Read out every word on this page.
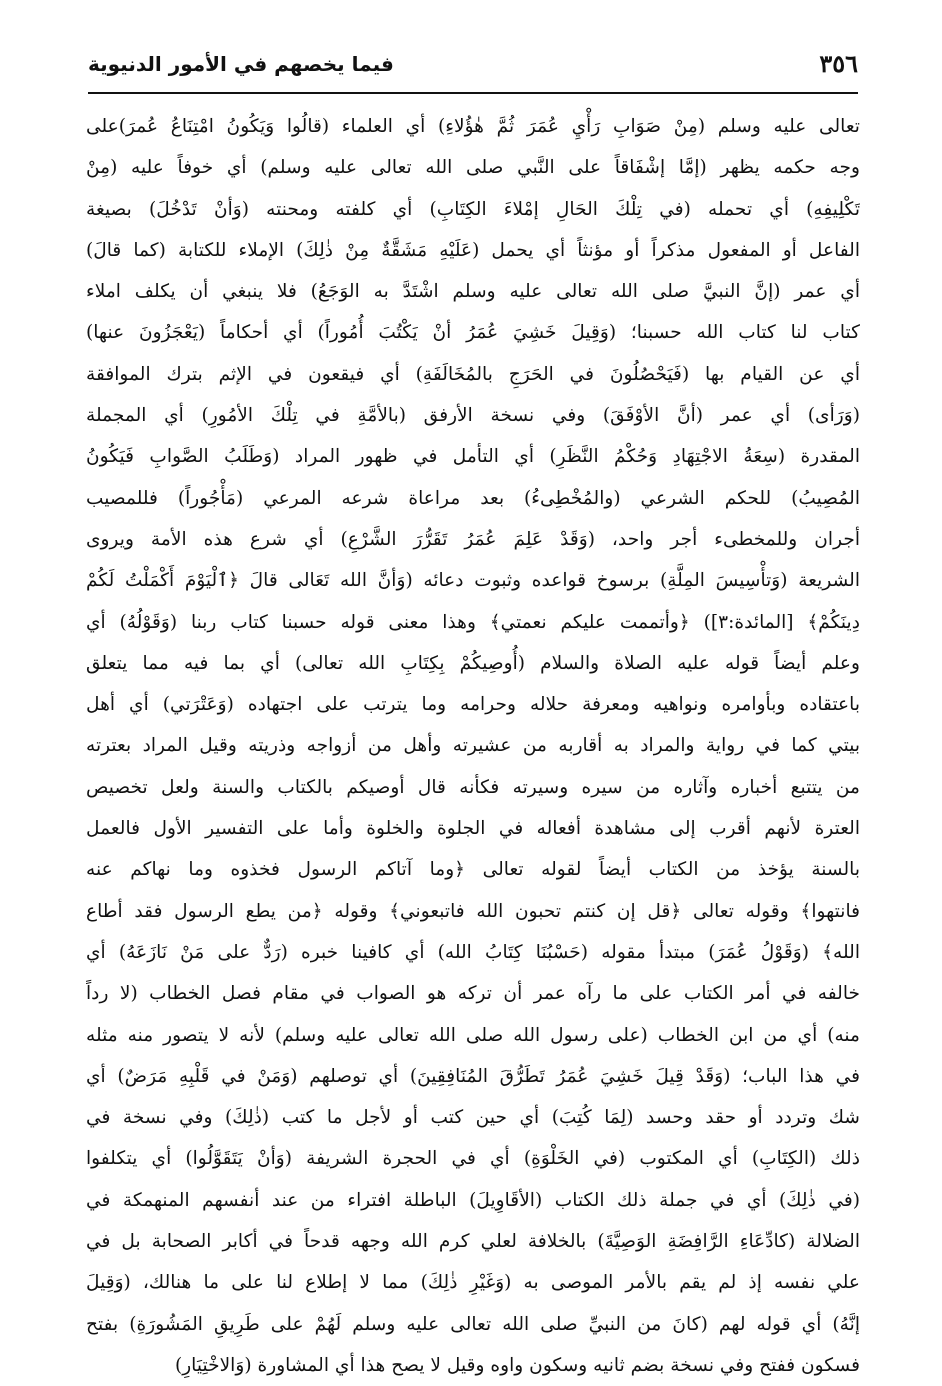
٣٥٦
فيما يخصهم في الأمور الدنيوية
تعالى عليه وسلم (مِنْ صَوَابِ رَأْيِ عُمَرَ ثُمَّ هٰؤُلاءِ) أي العلماء (قالُوا وَيَكُونُ امْتِنَاعُ عُمرَ)على
وجه حكمه يظهر (إمَّا إشْفَاقاً على النَّبي صلى الله تعالى عليه وسلم) أي خوفاً عليه (مِنْ
تَكْلِيفِهِ) أي تحمله (في تِلْكَ الحَالِ إمْلاءَ الكِتَابِ) أي كلفته ومحنته (وَأنْ تَدْخُلَ) بصيغة
الفاعل أو المفعول مذكراً أو مؤنثاً أي يحمل (عَلَيْهِ مَشَقَّةٌ مِنْ ذٰلِكَ) الإملاء للكتابة (كما قالَ)
أي عمر (إنَّ النبيَّ صلى الله تعالى عليه وسلم اشْتَدَّ به الوَجَعُ) فلا ينبغي أن يكلف املاء
كتاب لنا كتاب الله حسبنا؛ (وَقِيلَ خَشِيَ عُمَرُ أنْ يَكْتُبَ أُمُوراً) أي أحكاماً (يَعْجَزُونَ عنها)
أي عن القيام بها (فَيَحْصُلُونَ في الحَرَجِ بالمُخَالَفَةِ) أي فيقعون في الإثم بترك الموافقة
(وَرَأى) أي عمر (أنَّ الأوْفَقَ) وفي نسخة الأرفق (بالأمَّةِ في تِلْكَ الأمُورِ) أي المجملة
المقدرة (سِعَةُ الاجْتِهَادِ وَحُكْمُ النَّظَرِ) أي التأمل في ظهور المراد (وَطَلَبُ الصَّوابِ فَيَكُونُ
المُصِيبُ) للحكم الشرعي (والمُخْطِىءُ) بعد مراعاة شرعه المرعي (مَأْجُوراً) فللمصيب
أجران وللمخطىء أجر واحد، (وَقَدْ عَلِمَ عُمَرُ تَقَرُّرَ الشَّرْعِ) أي شرع هذه الأمة ويروى
الشريعة (وَتأْسِيسَ المِلَّةِ) برسوخ قواعده وثبوت دعائه (وَأنَّ الله تَعَالى قالَ ﴿ٱلْيَوْمَ أَكْمَلْتُ لَكُمْ
دِينَكُمْ﴾ [المائدة:٣]) ﴿وأتممت عليكم نعمتي﴾ وهذا معنى قوله حسبنا كتاب ربنا (وَقَوْلُهُ) أي
وعلم أيضاً قوله عليه الصلاة والسلام (أُوصِيكُمْ بِكِتَابِ الله تعالى) أي بما فيه مما يتعلق
باعتقاده وبأوامره ونواهيه ومعرفة حلاله وحرامه وما يترتب على اجتهاده (وَعَتْرَتي) أي أهل
بيتي كما في رواية والمراد به أقاربه من عشيرته وأهل من أزواجه وذريته وقيل المراد بعترته
من يتتبع أخباره وآثاره من سيره وسيرته فكأنه قال أوصيكم بالكتاب والسنة ولعل تخصيص
العترة لأنهم أقرب إلى مشاهدة أفعاله في الجلوة والخلوة وأما على التفسير الأول فالعمل
بالسنة يؤخذ من الكتاب أيضاً لقوله تعالى ﴿وما آتاكم الرسول فخذوه وما نهاكم عنه
فانتهوا﴾ وقوله تعالى ﴿قل إن كنتم تحبون الله فاتبعوني﴾ وقوله ﴿من يطع الرسول فقد أطاع
الله﴾ (وَقَوْلُ عُمَرَ) مبتدأ مقوله (حَسْبُنَا كِتَابُ الله) أي كافينا خبره (رَدٌّ على مَنْ نَازَعَهُ) أي
خالفه في أمر الكتاب على ما رآه عمر أن تركه هو الصواب في مقام فصل الخطاب (لا رداً
منه) أي من ابن الخطاب (على رسول الله صلى الله تعالى عليه وسلم) لأنه لا يتصور منه مثله
في هذا الباب؛ (وَقَدْ قِيلَ خَشِيَ عُمَرُ تَطَرُّقَ المُنَافِقِينَ) أي توصلهم (وَمَنْ في قَلْبِهِ مَرَضٌ) أي
شك وتردد أو حقد وحسد (لِمَا كُتِبَ) أي حين كتب أو لأجل ما كتب (ذٰلِكَ) وفي نسخة في
ذلك (الكِتَابِ) أي المكتوب (في الخَلْوَةِ) أي في الحجرة الشريفة (وَأنْ يَتَقَوَّلُوا) أي يتكلفوا
(في ذٰلِكَ) أي في جملة ذلك الكتاب (الأقَاوِيلَ) الباطلة افتراء من عند أنفسهم المنهمكة في
الضلالة (كادِّعَاءِ الرَّافِضَةِ الوَصِيَّةَ) بالخلافة لعلي كرم الله وجهه قدحاً في أكابر الصحابة بل في
علي نفسه إذ لم يقم بالأمر الموصى به (وَغَيْرِ ذٰلِكَ) مما لا إطلاع لنا على ما هنالك، (وَقِيلَ
إنَّهُ) أي قوله لهم (كانَ من النبيِّ صلى الله تعالى عليه وسلم لَهُمْ على طَرِيقِ المَشُورَةِ) بفتح
فسكون ففتح وفي نسخة بضم ثانيه وسكون واوه وقيل لا يصح هذا أي المشاورة (وَالاخْتِيَارِ)
